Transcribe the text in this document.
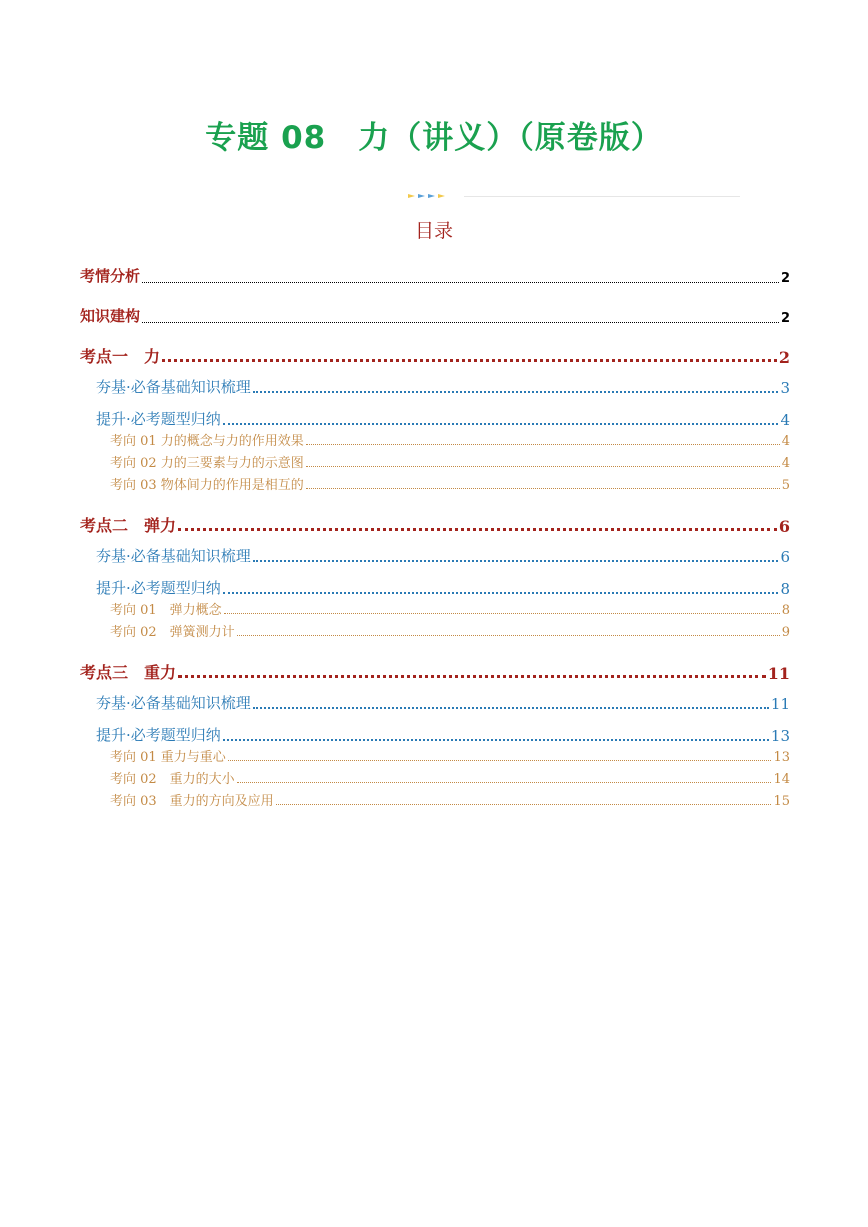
专题 08　力（讲义）（原卷版）
目录
考情分析	2
知识建构	2
考点一　力	2
夯基·必备基础知识梳理	3
提升·必考题型归纳	4
考向 01 力的概念与力的作用效果	4
考向 02 力的三要素与力的示意图	4
考向 03 物体间力的作用是相互的	5
考点二　弹力	6
夯基·必备基础知识梳理	6
提升·必考题型归纳	8
考向 01　弹力概念	8
考向 02　弹簧测力计	9
考点三　重力	11
夯基·必备基础知识梳理	11
提升·必考题型归纳	13
考向 01 重力与重心	13
考向 02　重力的大小	14
考向 03　重力的方向及应用	15
